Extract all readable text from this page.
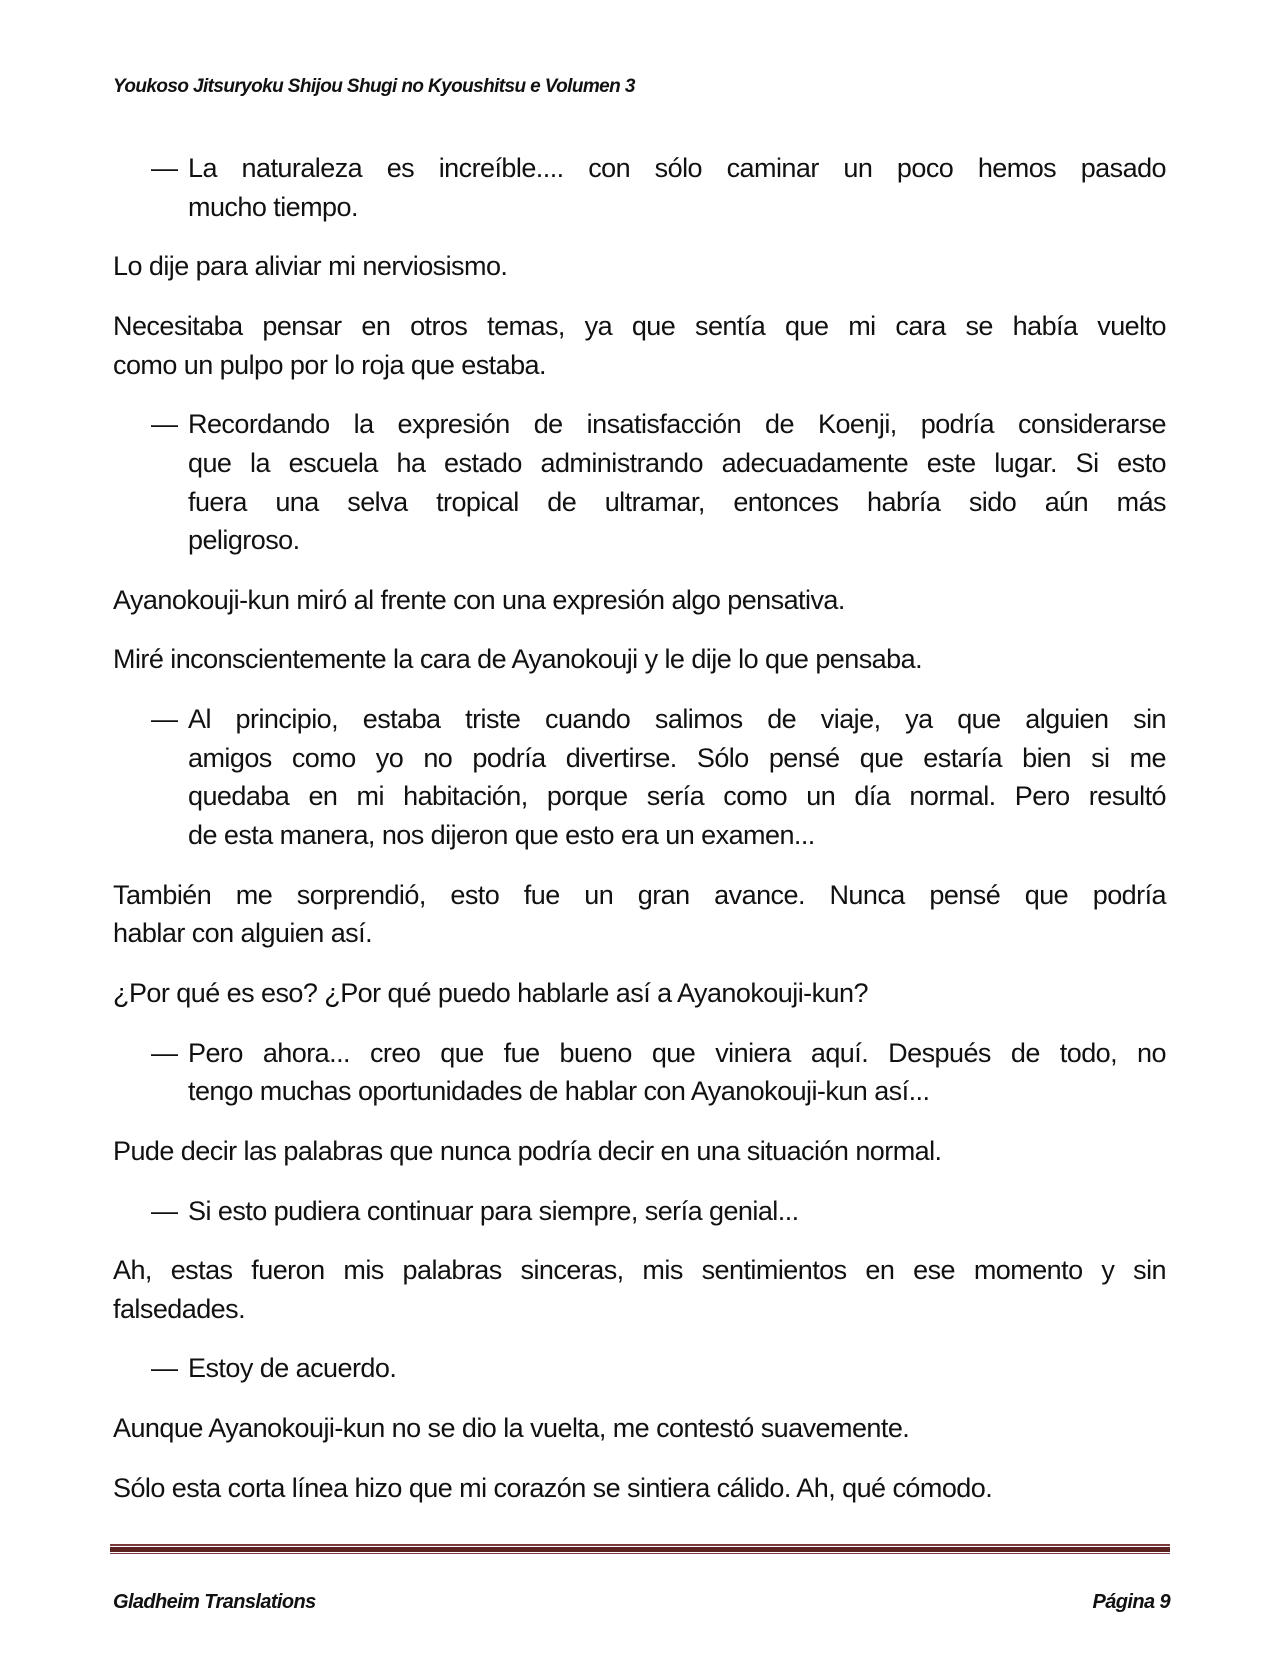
Youkoso Jitsuryoku Shijou Shugi no Kyoushitsu e Volumen 3
— La naturaleza es increíble.... con sólo caminar un poco hemos pasado
mucho tiempo.
Lo dije para aliviar mi nerviosismo.
Necesitaba pensar en otros temas, ya que sentía que mi cara se había vuelto
como un pulpo por lo roja que estaba.
— Recordando la expresión de insatisfacción de Koenji, podría considerarse
que la escuela ha estado administrando adecuadamente este lugar. Si esto
fuera una selva tropical de ultramar, entonces habría sido aún más
peligroso.
Ayanokouji-kun miró al frente con una expresión algo pensativa.
Miré inconscientemente la cara de Ayanokouji y le dije lo que pensaba.
— Al principio, estaba triste cuando salimos de viaje, ya que alguien sin
amigos como yo no podría divertirse. Sólo pensé que estaría bien si me
quedaba en mi habitación, porque sería como un día normal. Pero resultó
de esta manera, nos dijeron que esto era un examen...
También me sorprendió, esto fue un gran avance. Nunca pensé que podría
hablar con alguien así.
¿Por qué es eso? ¿Por qué puedo hablarle así a Ayanokouji-kun?
— Pero ahora... creo que fue bueno que viniera aquí. Después de todo, no
tengo muchas oportunidades de hablar con Ayanokouji-kun así...
Pude decir las palabras que nunca podría decir en una situación normal.
— Si esto pudiera continuar para siempre, sería genial...
Ah, estas fueron mis palabras sinceras, mis sentimientos en ese momento y sin
falsedades.
— Estoy de acuerdo.
Aunque Ayanokouji-kun no se dio la vuelta, me contestó suavemente.
Sólo esta corta línea hizo que mi corazón se sintiera cálido. Ah, qué cómodo.
Gladheim Translations	Página 9
